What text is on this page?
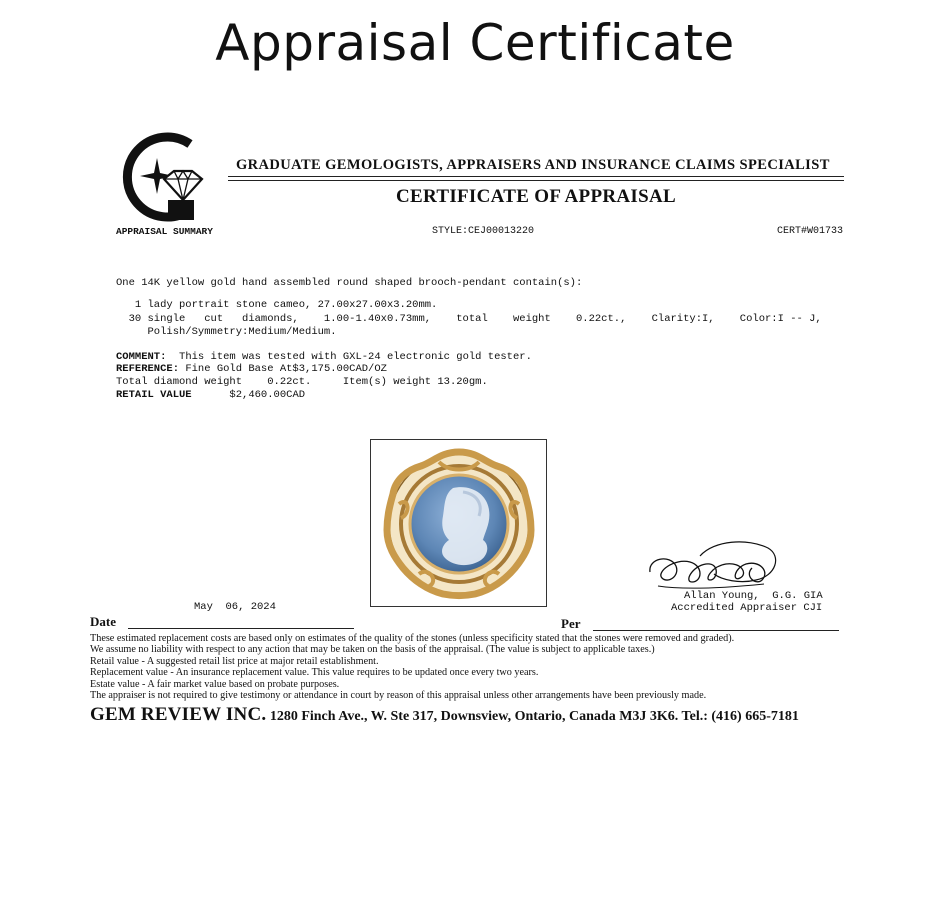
Appraisal Certificate
GRADUATE GEMOLOGISTS, APPRAISERS AND INSURANCE CLAIMS SPECIALIST
CERTIFICATE OF APPRAISAL
APPRAISAL SUMMARY	STYLE:CEJ00013220	CERT#W01733
One 14K yellow gold hand assembled round shaped brooch-pendant contain(s):
1 lady portrait stone cameo, 27.00x27.00x3.20mm.
30 single   cut   diamonds,    1.00-1.40x0.73mm,    total    weight    0.22ct.,    Clarity:I,    Color:I -- J,
Polish/Symmetry:Medium/Medium.
COMMENT:  This item was tested with GXL-24 electronic gold tester.
REFERENCE: Fine Gold Base At$3,175.00CAD/OZ
Total diamond weight    0.22ct.     Item(s) weight 13.20gm.
RETAIL VALUE      $2,460.00CAD
Allan Young,  G.G. GIA
Accredited Appraiser CJI
May  06, 2024
Date	Per
These estimated replacement costs are based only on estimates of the quality of the stones (unless specificity stated that the stones were removed and graded).
We assume no liability with respect to any action that may be taken on the basis of the appraisal. (The value is subject to applicable taxes.)
Retail value - A suggested retail list price at major retail establishment.
Replacement value - An insurance replacement value. This value requires to be updated once every two years.
Estate value - A fair market value based on probate purposes.
The appraiser is not required to give testimony or attendance in court by reason of this appraisal unless other arrangements have been previously made.
GEM REVIEW INC. 1280 Finch Ave., W. Ste 317, Downsview, Ontario, Canada M3J 3K6. Tel.: (416) 665-7181
